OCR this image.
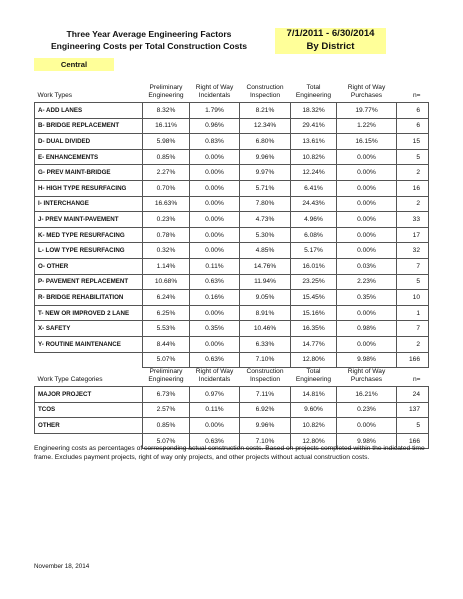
Three Year Average Engineering Factors
Engineering Costs per Total Construction Costs
7/1/2011 - 6/30/2014
By District
Central
Work Types	Preliminary Engineering	Right of Way Incidentals	Construction Inspection	Total Engineering	Right of Way Purchases	n=
A- ADD LANES	8.32%	1.79%	8.21%	18.32%	19.77%	6
B- BRIDGE REPLACEMENT	16.11%	0.96%	12.34%	29.41%	1.22%	6
D- DUAL DIVIDED	5.98%	0.83%	6.80%	13.61%	16.15%	15
E- ENHANCEMENTS	0.85%	0.00%	9.96%	10.82%	0.00%	5
G- PREV MAINT-BRIDGE	2.27%	0.00%	9.97%	12.24%	0.00%	2
H- HIGH TYPE RESURFACING	0.70%	0.00%	5.71%	6.41%	0.00%	16
I- INTERCHANGE	16.63%	0.00%	7.80%	24.43%	0.00%	2
J- PREV MAINT-PAVEMENT	0.23%	0.00%	4.73%	4.96%	0.00%	33
K- MED TYPE RESURFACING	0.78%	0.00%	5.30%	6.08%	0.00%	17
L- LOW TYPE RESURFACING	0.32%	0.00%	4.85%	5.17%	0.00%	32
O- OTHER	1.14%	0.11%	14.76%	16.01%	0.03%	7
P- PAVEMENT REPLACEMENT	10.68%	0.63%	11.94%	23.25%	2.23%	5
R- BRIDGE REHABILITATION	6.24%	0.16%	9.05%	15.45%	0.35%	10
T- NEW OR IMPROVED 2 LANE	6.25%	0.00%	8.91%	15.16%	0.00%	1
X- SAFETY	5.53%	0.35%	10.46%	16.35%	0.98%	7
Y- ROUTINE MAINTENANCE	8.44%	0.00%	6.33%	14.77%	0.00%	2
	5.07%	0.63%	7.10%	12.80%	9.98%	166
Work Type Categories	Preliminary Engineering	Right of Way Incidentals	Construction Inspection	Total Engineering	Right of Way Purchases	n=
MAJOR PROJECT	6.73%	0.97%	7.11%	14.81%	16.21%	24
TCOS	2.57%	0.11%	6.92%	9.60%	0.23%	137
OTHER	0.85%	0.00%	9.96%	10.82%	0.00%	5
	5.07%	0.63%	7.10%	12.80%	9.98%	166
Engineering costs as percentages of corresponding actual construction costs. Based on projects completed within the indicated time frame. Excludes payment projects, right of way only projects, and other projects without actual construction costs.
November 18, 2014
